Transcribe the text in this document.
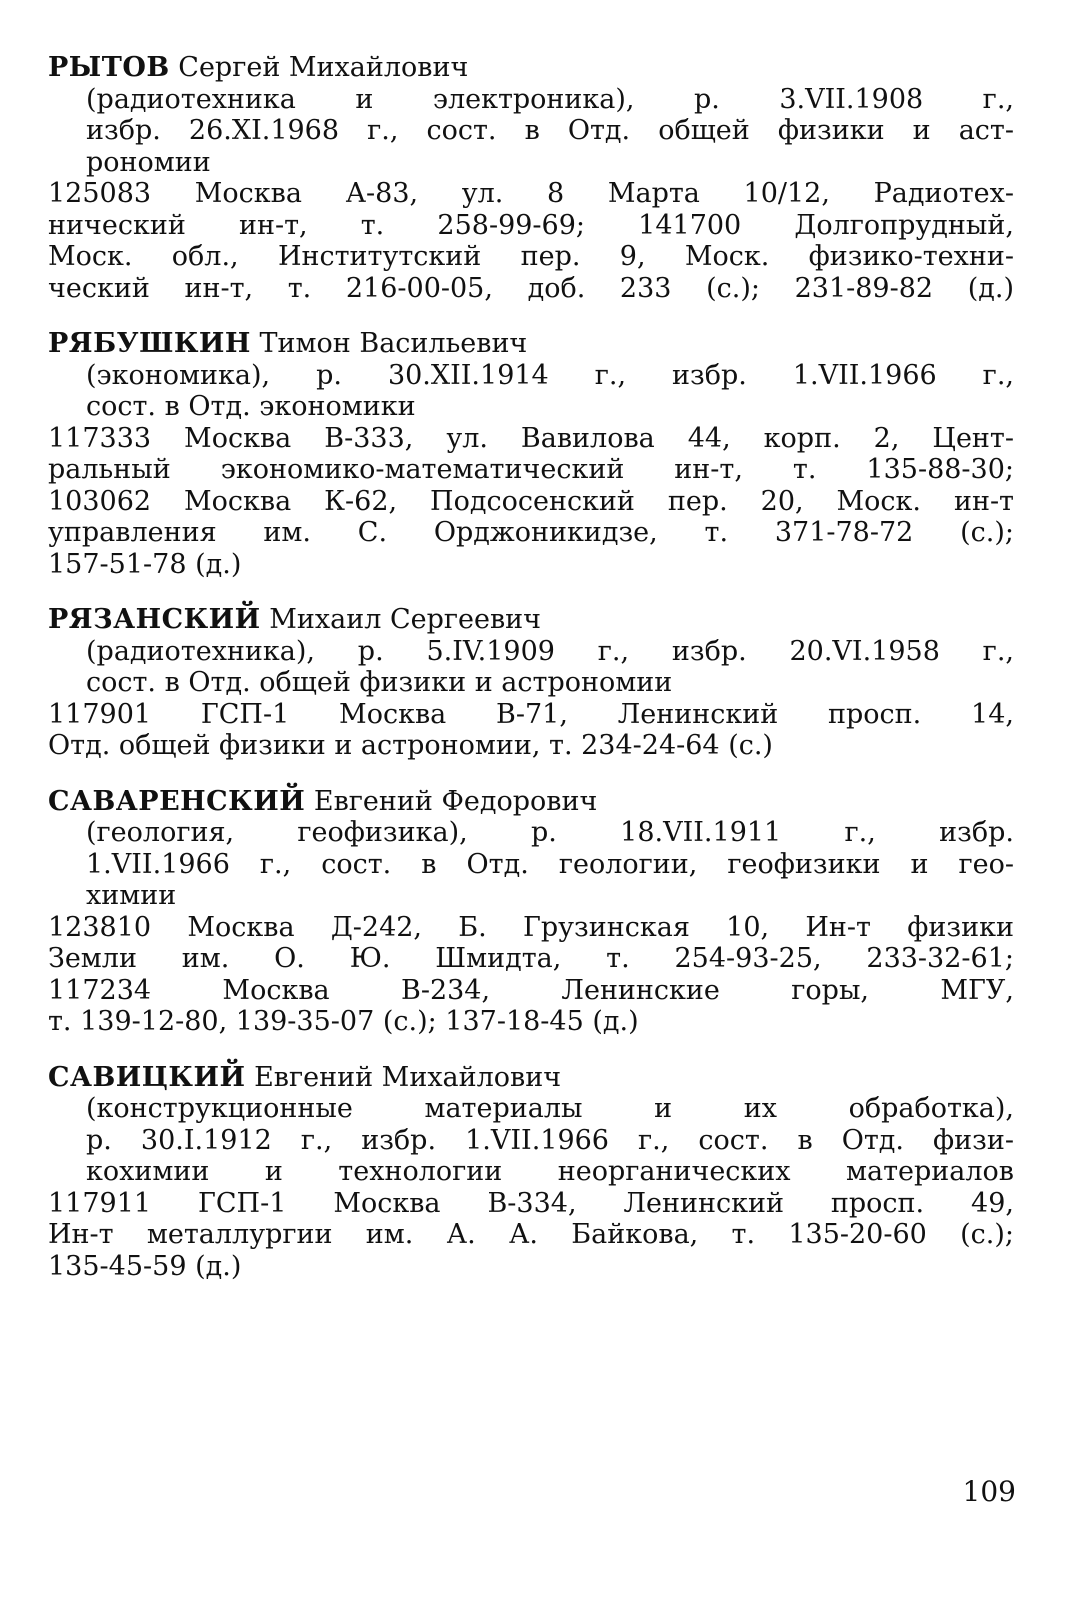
РЫТОВ Сергей Михайлович
(радиотехника и электроника), р. 3.VII.1908 г.,
избр. 26.XI.1968 г., сост. в Отд. общей физики и аст-
рономии
125083 Москва А-83, ул. 8 Марта 10/12, Радиотех-
нический ин-т, т. 258-99-69; 141700 Долгопрудный,
Моск. обл., Институтский пер. 9, Моск. физико-техни-
ческий ин-т, т. 216-00-05, доб. 233 (с.); 231-89-82 (д.)
РЯБУШКИН Тимон Васильевич
(экономика), р. 30.XII.1914 г., избр. 1.VII.1966 г.,
сост. в Отд. экономики
117333 Москва В-333, ул. Вавилова 44, корп. 2, Цент-
ральный экономико-математический ин-т, т. 135-88-30;
103062 Москва К-62, Подсосенский пер. 20, Моск. ин-т
управления им. С. Орджоникидзе, т. 371-78-72 (с.);
157-51-78 (д.)
РЯЗАНСКИЙ Михаил Сергеевич
(радиотехника), р. 5.IV.1909 г., избр. 20.VI.1958 г.,
сост. в Отд. общей физики и астрономии
117901 ГСП-1 Москва В-71, Ленинский просп. 14,
Отд. общей физики и астрономии, т. 234-24-64 (с.)
САВАРЕНСКИЙ Евгений Федорович
(геология, геофизика), р. 18.VII.1911 г., избр.
1.VII.1966 г., сост. в Отд. геологии, геофизики и гео-
химии
123810 Москва Д-242, Б. Грузинская 10, Ин-т физики
Земли им. О. Ю. Шмидта, т. 254-93-25, 233-32-61;
117234 Москва В-234, Ленинские горы, МГУ,
т. 139-12-80, 139-35-07 (с.); 137-18-45 (д.)
САВИЦКИЙ Евгений Михайлович
(конструкционные материалы и их обработка),
р. 30.I.1912 г., избр. 1.VII.1966 г., сост. в Отд. физи-
кохимии и технологии неорганических материалов
117911 ГСП-1 Москва В-334, Ленинский просп. 49,
Ин-т металлургии им. А. А. Байкова, т. 135-20-60 (с.);
135-45-59 (д.)
109
